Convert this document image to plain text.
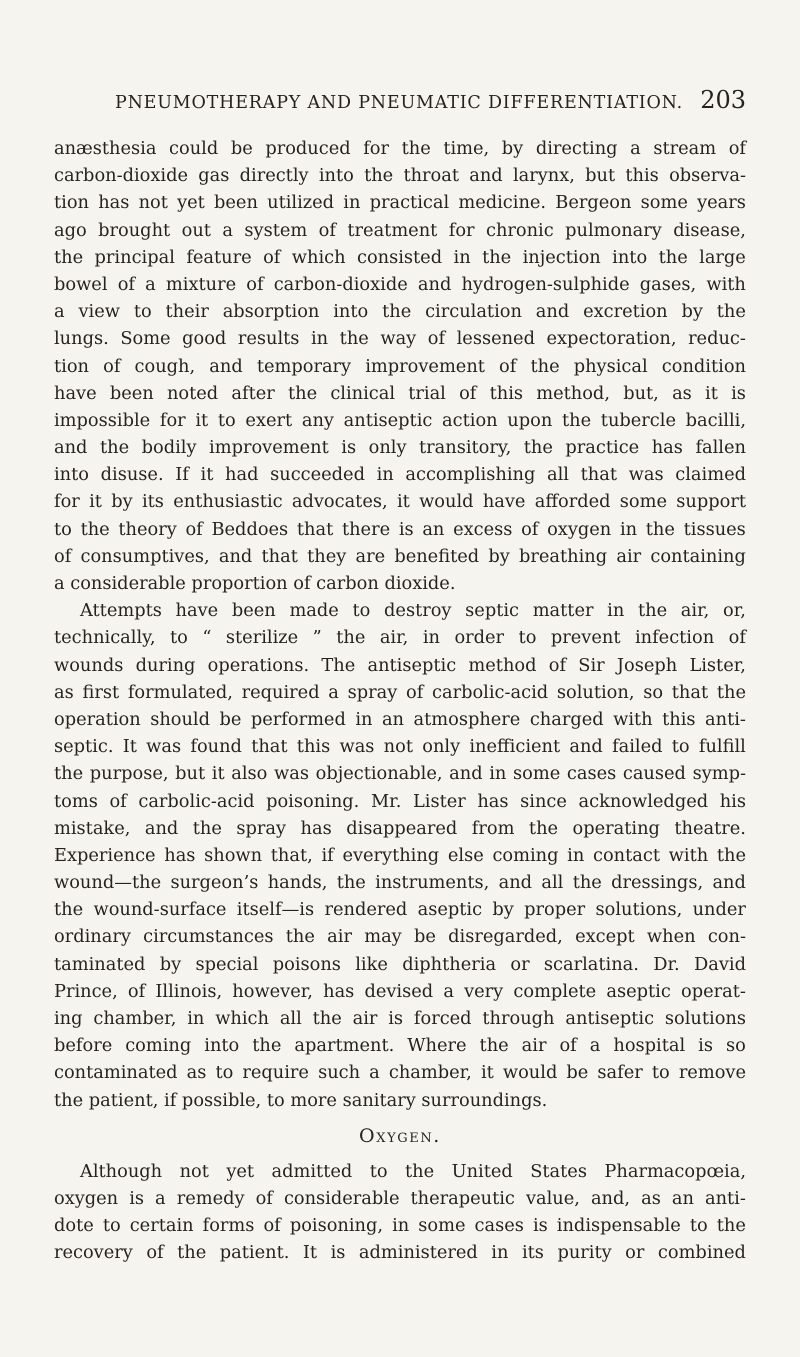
PNEUMOTHERAPY AND PNEUMATIC DIFFERENTIATION. 203
anæsthesia could be produced for the time, by directing a stream of
carbon-dioxide gas directly into the throat and larynx, but this observa-
tion has not yet been utilized in practical medicine. Bergeon some years
ago brought out a system of treatment for chronic pulmonary disease,
the principal feature of which consisted in the injection into the large
bowel of a mixture of carbon-dioxide and hydrogen-sulphide gases, with
a view to their absorption into the circulation and excretion by the
lungs. Some good results in the way of lessened expectoration, reduc-
tion of cough, and temporary improvement of the physical condition
have been noted after the clinical trial of this method, but, as it is
impossible for it to exert any antiseptic action upon the tubercle bacilli,
and the bodily improvement is only transitory, the practice has fallen
into disuse. If it had succeeded in accomplishing all that was claimed
for it by its enthusiastic advocates, it would have afforded some support
to the theory of Beddoes that there is an excess of oxygen in the tissues
of consumptives, and that they are benefited by breathing air containing
a considerable proportion of carbon dioxide.
Attempts have been made to destroy septic matter in the air, or,
technically, to “ sterilize ” the air, in order to prevent infection of
wounds during operations. The antiseptic method of Sir Joseph Lister,
as first formulated, required a spray of carbolic-acid solution, so that the
operation should be performed in an atmosphere charged with this anti-
septic. It was found that this was not only inefficient and failed to fulfill
the purpose, but it also was objectionable, and in some cases caused symp-
toms of carbolic-acid poisoning. Mr. Lister has since acknowledged his
mistake, and the spray has disappeared from the operating theatre.
Experience has shown that, if everything else coming in contact with the
wound—the surgeon’s hands, the instruments, and all the dressings, and
the wound-surface itself—is rendered aseptic by proper solutions, under
ordinary circumstances the air may be disregarded, except when con-
taminated by special poisons like diphtheria or scarlatina. Dr. David
Prince, of Illinois, however, has devised a very complete aseptic operat-
ing chamber, in which all the air is forced through antiseptic solutions
before coming into the apartment. Where the air of a hospital is so
contaminated as to require such a chamber, it would be safer to remove
the patient, if possible, to more sanitary surroundings.
Oxygen.
Although not yet admitted to the United States Pharmacopœia,
oxygen is a remedy of considerable therapeutic value, and, as an anti-
dote to certain forms of poisoning, in some cases is indispensable to the
recovery of the patient. It is administered in its purity or combined
